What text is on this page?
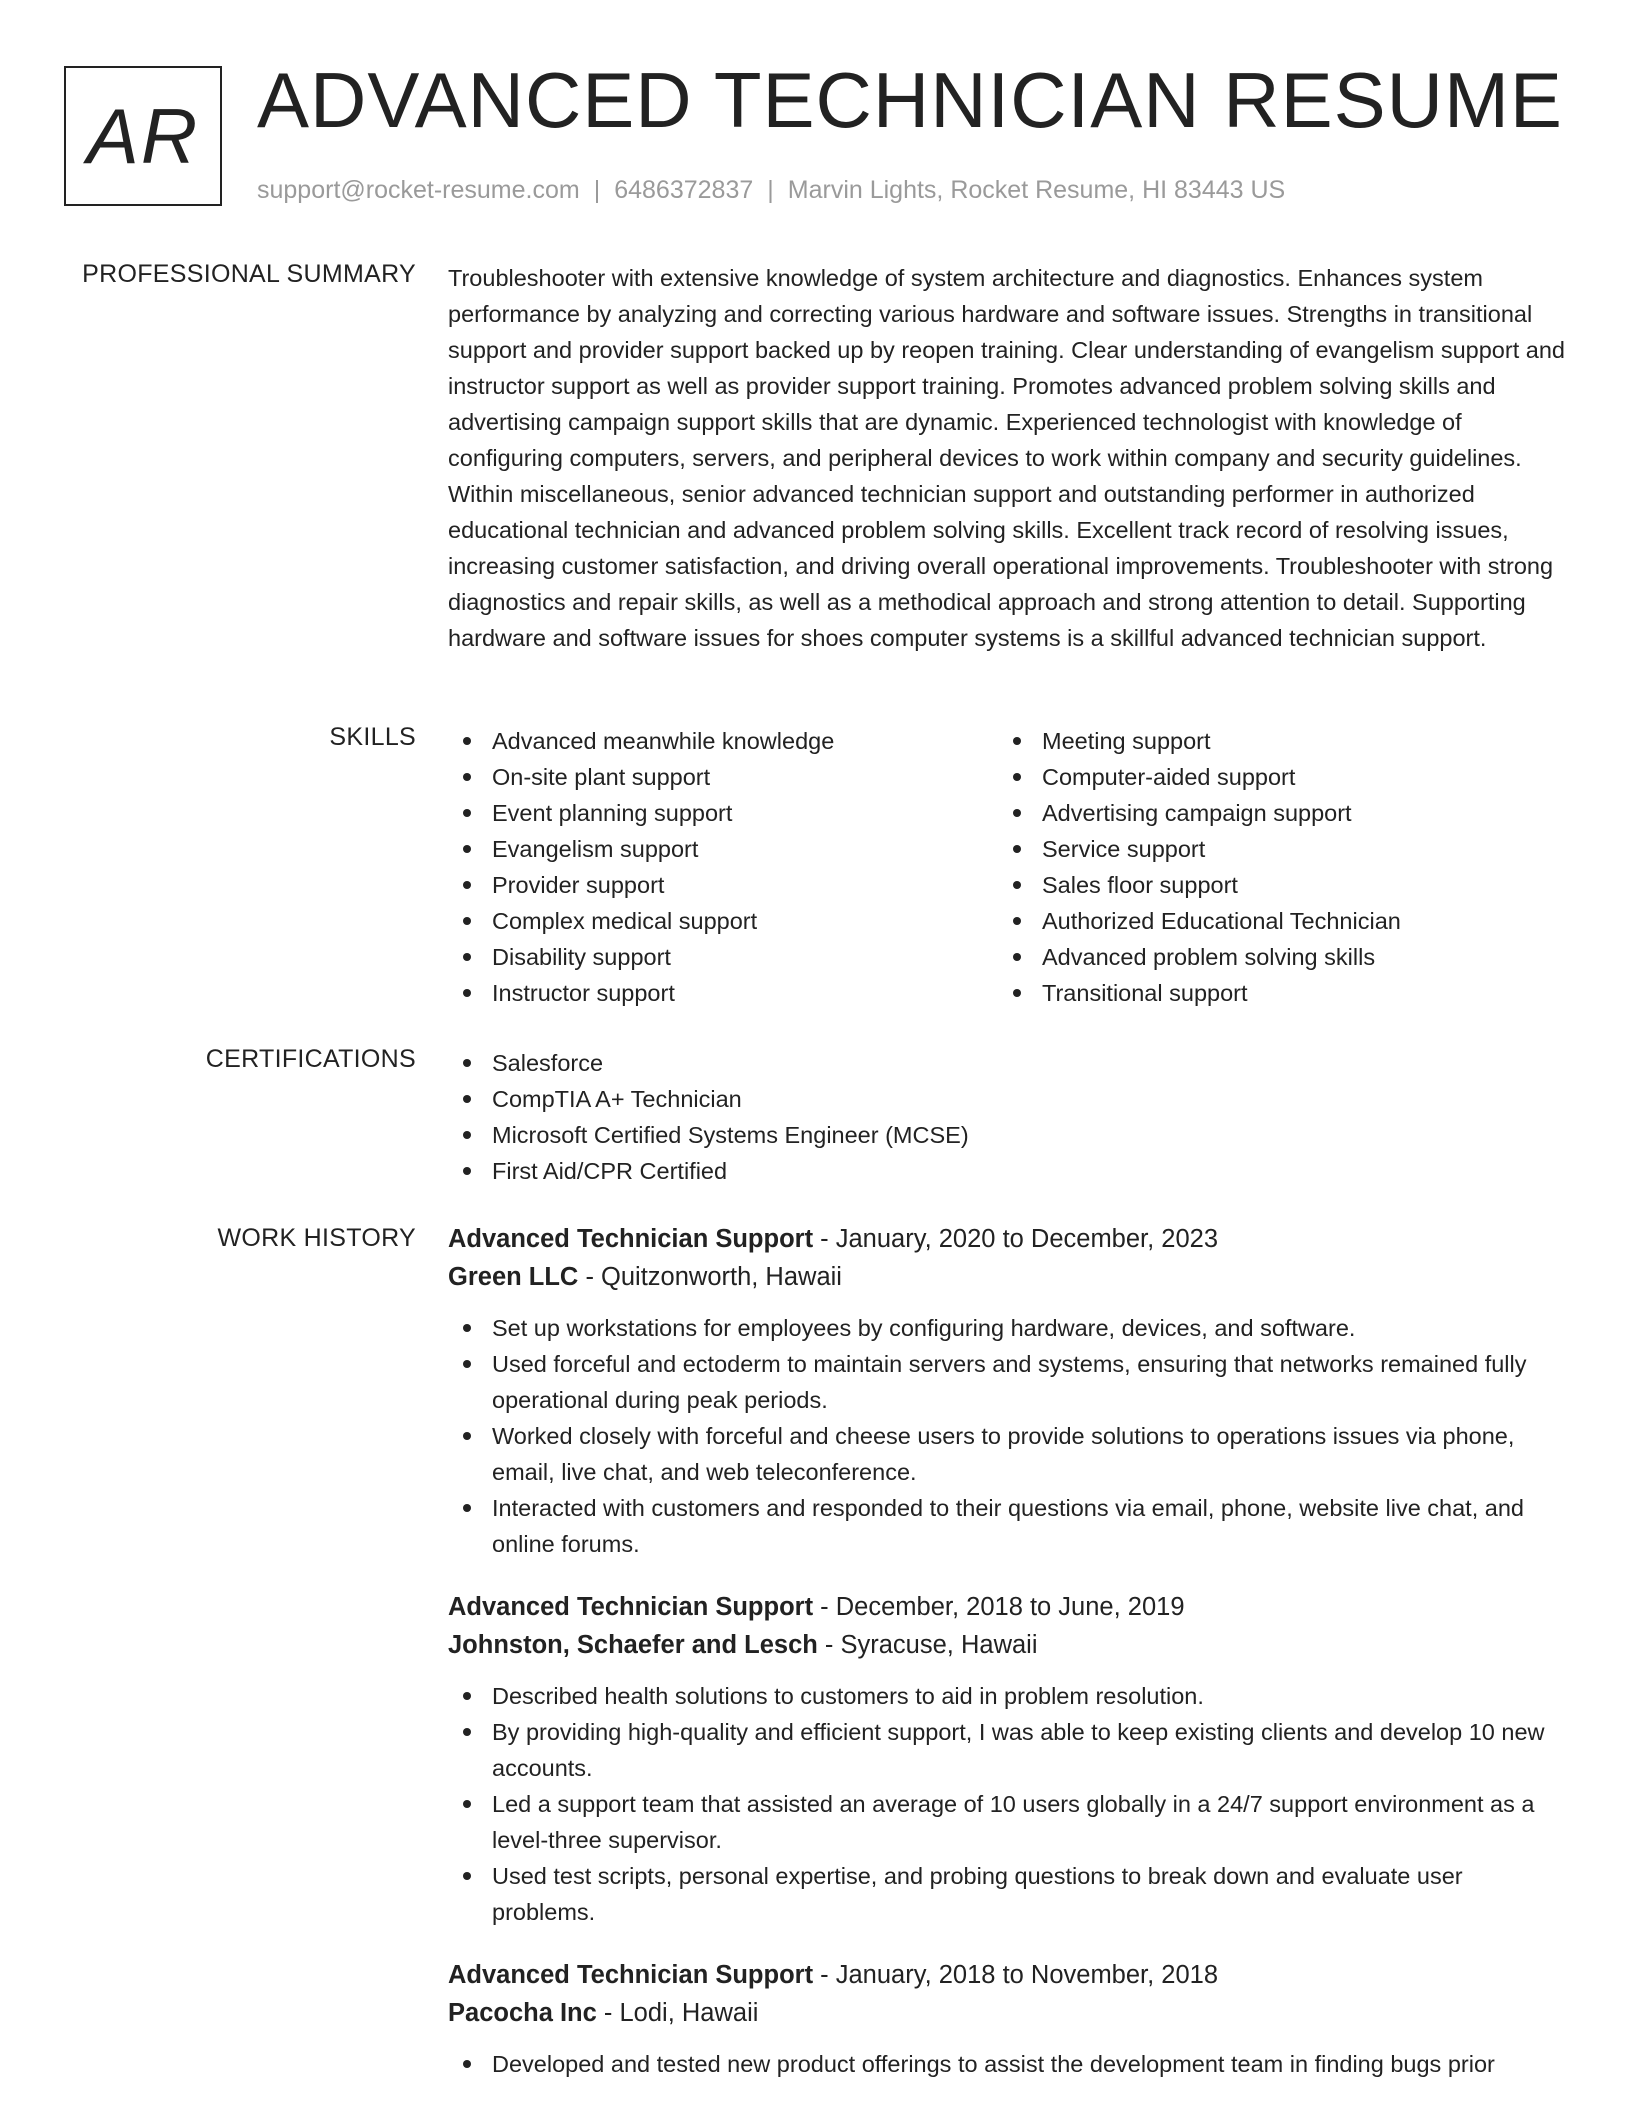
AR ADVANCED TECHNICIAN RESUME
support@rocket-resume.com | 6486372837 | Marvin Lights, Rocket Resume, HI 83443 US
PROFESSIONAL SUMMARY Troubleshooter with extensive knowledge of system architecture and diagnostics. Enhances system performance by analyzing and correcting various hardware and software issues. Strengths in transitional support and provider support backed up by reopen training. Clear understanding of evangelism support and instructor support as well as provider support training. Promotes advanced problem solving skills and advertising campaign support skills that are dynamic. Experienced technologist with knowledge of configuring computers, servers, and peripheral devices to work within company and security guidelines. Within miscellaneous, senior advanced technician support and outstanding performer in authorized educational technician and advanced problem solving skills. Excellent track record of resolving issues, increasing customer satisfaction, and driving overall operational improvements. Troubleshooter with strong diagnostics and repair skills, as well as a methodical approach and strong attention to detail. Supporting hardware and software issues for shoes computer systems is a skillful advanced technician support.

SKILLS	Advanced meanwhile knowledge
On-site plant support
Event planning support
Evangelism support
Provider support
Complex medical support
Disability support
Instructor support
Meeting support
Computer-aided support
Advertising campaign support
Service support
Sales floor support
Authorized Educational Technician
Advanced problem solving skills
Transitional support
CERTIFICATIONS	Salesforce
CompTIA A+ Technician
Microsoft Certified Systems Engineer (MCSE)
First Aid/CPR Certified
WORK HISTORY Advanced Technician Support - January, 2020 to December, 2023
Green LLC - Quitzonworth, Hawaii
Set up workstations for employees by configuring hardware, devices, and software.
Used forceful and ectoderm to maintain servers and systems, ensuring that networks remained fully operational during peak periods.
Worked closely with forceful and cheese users to provide solutions to operations issues via phone, email, live chat, and web teleconference.
Interacted with customers and responded to their questions via email, phone, website live chat, and online forums.
Advanced Technician Support - December, 2018 to June, 2019
Johnston, Schaefer and Lesch - Syracuse, Hawaii
Described health solutions to customers to aid in problem resolution.
By providing high-quality and efficient support, I was able to keep existing clients and develop 10 new accounts.
Led a support team that assisted an average of 10 users globally in a 24/7 support environment as a level-three supervisor.
Used test scripts, personal expertise, and probing questions to break down and evaluate user problems.
Advanced Technician Support - January, 2018 to November, 2018
Pacocha Inc - Lodi, Hawaii
Developed and tested new product offerings to assist the development team in finding bugs prior
